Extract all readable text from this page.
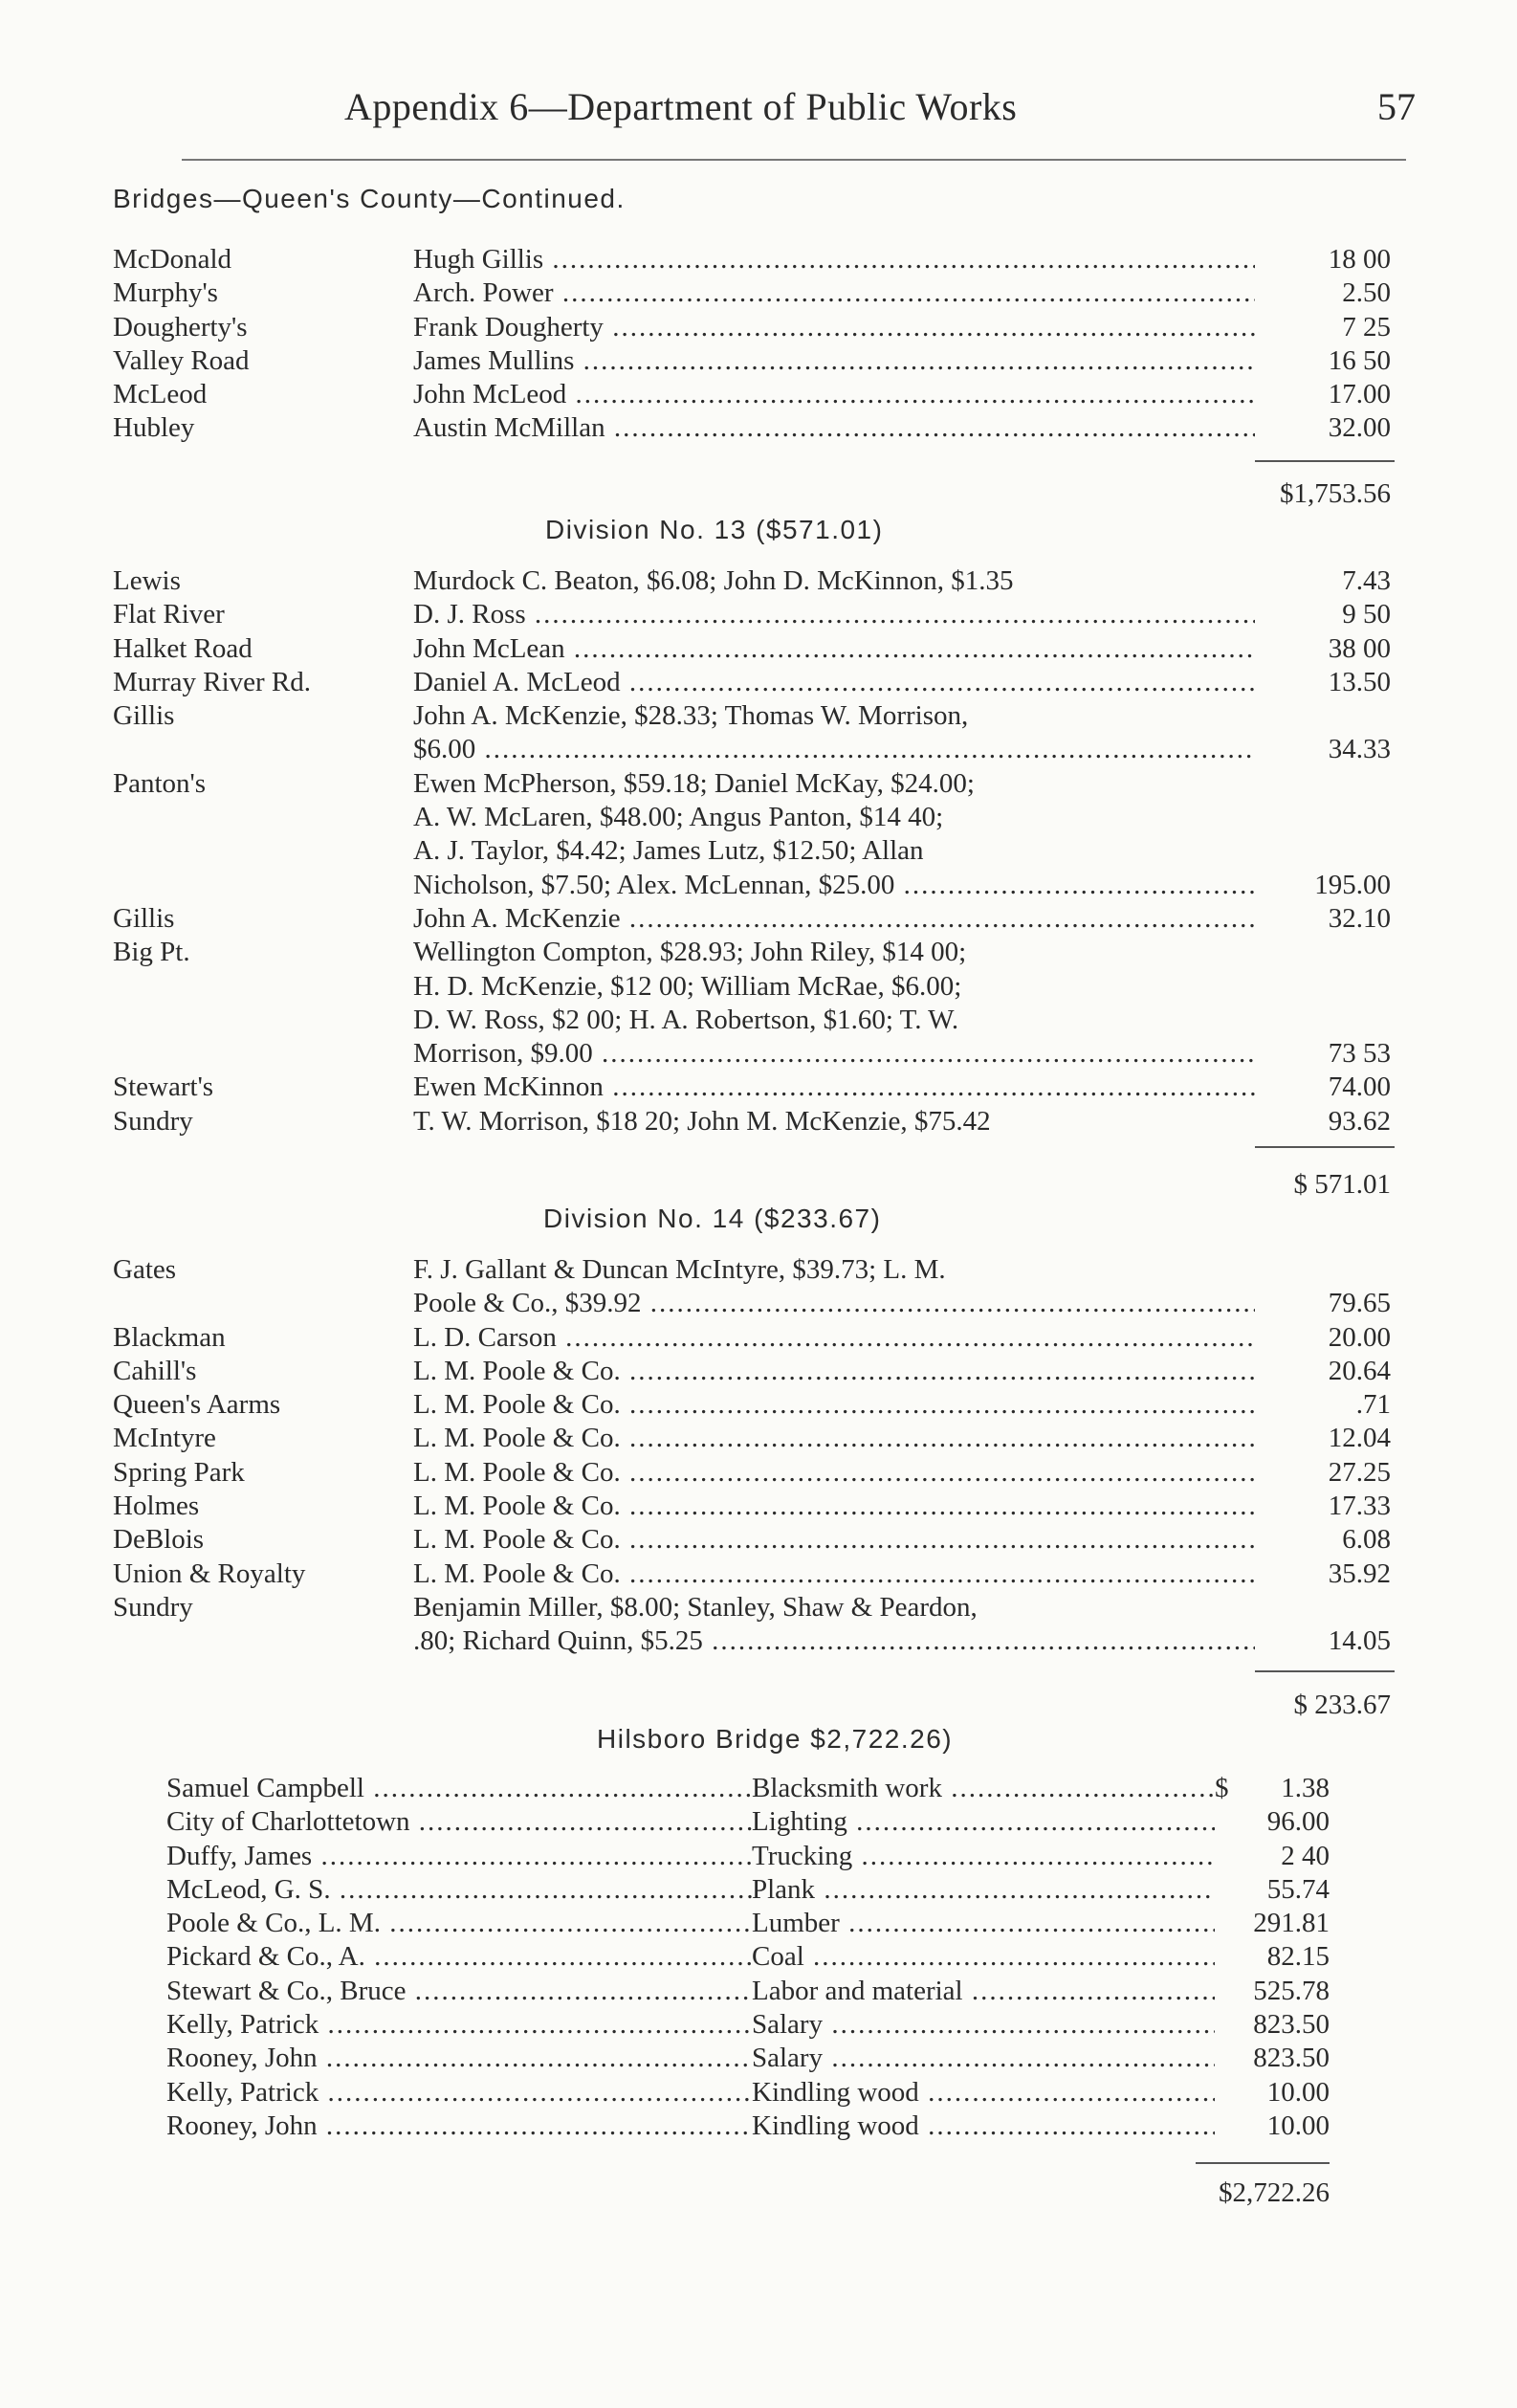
Appendix 6—Department of Public Works	57
Bridges—Queen's County—Continued.
McDonald	Hugh Gillis .....	18 00
Murphy's	Arch. Power .....	2.50
Dougherty's	Frank Dougherty .....	7 25
Valley Road	James Mullins .....	16 50
McLeod	John McLeod .....	17.00
Hubley	Austin McMillan .....	32.00
$1,753.56
Division No. 13 ($571.01)
Lewis	Murdock C. Beaton, $6.08; John D. McKinnon, $1.35	7.43
Flat River	D. J. Ross .....	9 50
Halket Road	John McLean .....	38 00
Murray River Rd.	Daniel A. McLeod .....	13.50
Gillis	John A. McKenzie, $28.33; Thomas W. Morrison,
$6.00 .....	34.33
Panton's	Ewen McPherson, $59.18; Daniel McKay, $24.00;
A. W. McLaren, $48.00; Angus Panton, $14 40;
A. J. Taylor, $4.42; James Lutz, $12.50; Allan
Nicholson, $7.50; Alex. McLennan, $25.00 .....	195.00
Gillis	John A. McKenzie .....	32.10
Big Pt.	Wellington Compton, $28.93; John Riley, $14 00;
H. D. McKenzie, $12 00; William McRae, $6.00;
D. W. Ross, $2 00; H. A. Robertson, $1.60; T. W.
Morrison, $9.00 .....	73 53
Stewart's	Ewen McKinnon .....	74.00
Sundry	T. W. Morrison, $18 20; John M. McKenzie, $75.42	93.62
$ 571.01
Division No. 14 ($233.67)
Gates	F. J. Gallant & Duncan McIntyre, $39.73; L. M.
Poole & Co., $39.92 .....	79.65
Blackman	L. D. Carson .....	20.00
Cahill's	L. M. Poole & Co. .....	20.64
Queen's Aarms	L. M. Poole & Co. .....	.71
McIntyre	L. M. Poole & Co. .....	12.04
Spring Park	L. M. Poole & Co. .....	27.25
Holmes	L. M. Poole & Co. .....	17.33
DeBlois	L. M. Poole & Co. .....	6.08
Union & Royalty	L. M. Poole & Co. .....	35.92
Sundry	Benjamin Miller, $8.00; Stanley, Shaw & Peardon,
.80; Richard Quinn, $5.25 .....	14.05
$ 233.67
Hilsboro Bridge $2,722.26)
Samuel Campbell .....	Blacksmith work .....	$ 1.38
City of Charlottetown .....	Lighting .....	96.00
Duffy, James .....	Trucking .....	2 40
McLeod, G. S. .....	Plank .....	55.74
Poole & Co., L. M. .....	Lumber .....	291.81
Pickard & Co., A. .....	Coal .....	82.15
Stewart & Co., Bruce .....	Labor and material .....	525.78
Kelly, Patrick .....	Salary .....	823.50
Rooney, John .....	Salary .....	823.50
Kelly, Patrick .....	Kindling wood .....	10.00
Rooney, John .....	Kindling wood .....	10.00
$2,722.26
